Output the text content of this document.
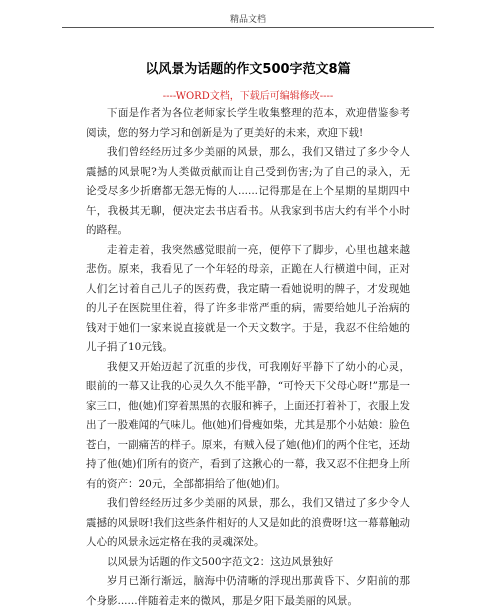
精品文档
以风景为话题的作文500字范文8篇
----WORD文档，下载后可编辑修改----

下面是作者为各位老师家长学生收集整理的范本，欢迎借鉴参考阅读，您的努力学习和创新是为了更美好的未来，欢迎下载!

我们曾经经历过多少美丽的风景，那么，我们又错过了多少令人震撼的风景呢?为人类做贡献而让自己受到伤害;为了自己的录入，无论受尽多少折磨都无怨无悔的人......记得那是在上个星期的星期四中午，我极其无聊，便决定去书店看书。从我家到书店大约有半个小时的路程。

走着走着，我突然感觉眼前一亮，便停下了脚步，心里也越来越悲伤。原来，我看见了一个年轻的母亲，正跪在人行横道中间，正对人们乞讨着自己儿子的医药费，我定睛一看她说明的牌子，才发现她的儿子在医院里住着，得了许多非常严重的病，需要给她儿子治病的钱对于她们一家来说直接就是一个天文数字。于是，我忍不住给她的儿子捐了10元钱。

我便又开始迈起了沉重的步伐，可我刚好平静下了幼小的心灵，眼前的一幕又让我的心灵久久不能平静，“可怜天下父母心呀!”那是一家三口，他(她)们穿着黑黑的衣服和裤子，上面还打着补丁，衣服上发出了一股难闻的气味儿。他(她)们骨瘦如柴，尤其是那个小姑娘：脸色苍白，一副痛苦的样子。原来，有贼入侵了她(他)们的两个住宅，还劫持了他(她)们所有的资产，看到了这揪心的一幕，我又忍不住把身上所有的资产：20元，全部都捐给了他(她)们。

我们曾经经历过多少美丽的风景，那么，我们又错过了多少令人震撼的风景呀!我们这些条件相好的人又是如此的浪费呀!这一幕幕触动人心的风景永远定格在我的灵魂深处。

以风景为话题的作文500字范文2：这边风景独好

岁月已渐行渐远，脑海中仍清晰的浮现出那黄昏下、夕阳前的那个身影......伴随着走来的微风，那是夕阳下最美丽的风景。
